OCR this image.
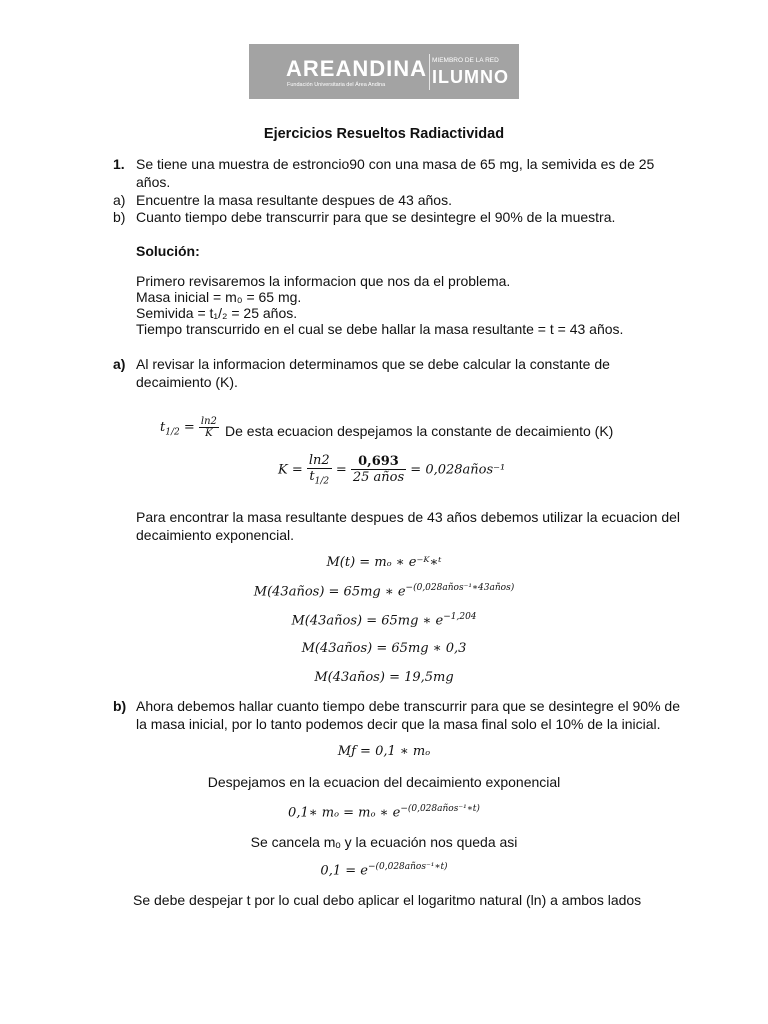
AREANDINA
Fundación Universitaria del Área Andina
MIEMBRO DE LA RED
ILUMNO
Ejercicios Resueltos Radiactividad
1. Se tiene una muestra de estroncio90 con una masa de 65 mg, la semivida es de 25
años.
a) Encuentre la masa resultante despues de 43 años.
b) Cuanto tiempo debe transcurrir para que se desintegre el 90% de la muestra.
Solución:
Primero revisaremos la informacion que nos da el problema.
Masa inicial = m₀ = 65 mg.
Semivida = t₁/₂ = 25 años.
Tiempo transcurrido en el cual se debe hallar la masa resultante = t = 43 años.
a) Al revisar la informacion determinamos que se debe calcular la constante de
decaimiento (K).
$t_{1/2} = \frac{\ln 2}{K}$ De esta ecuacion despejamos la constante de decaimiento (K)
$K = \frac{\ln 2}{t_{1/2}} = \frac{0,693}{\text{25 años}}$ = 0,028años⁻¹
Para encontrar la masa resultante despues de 43 años debemos utilizar la ecuacion del
decaimiento exponencial.
M(t) = mₒ ∗ e⁻ᴷ∗ᵗ
M(43años) = 65mg ∗ $e^{-(0,028años^{-1}∗43años)}$
M(43años) = 65mg ∗ $e^{-1,204}$
M(43años) = 65mg ∗ 0,3
M(43años) = 19,5mg
b) Ahora debemos hallar cuanto tiempo debe transcurrir para que se desintegre el 90% de
la masa inicial, por lo tanto podemos decir que la masa final solo el 10% de la inicial.
Mƒ = 0,1 ∗ mₒ
Despejamos en la ecuacion del decaimiento exponencial
0,1∗ mₒ = mₒ ∗ $e^{-(0,028años^{-1}∗t)}$
Se cancela mₒ y la ecuación nos queda asi
$0,1 = e^{-(0,028años^{-1}∗t)}$
Se debe despejar t por lo cual debo aplicar el logaritmo natural (ln) a ambos lados
